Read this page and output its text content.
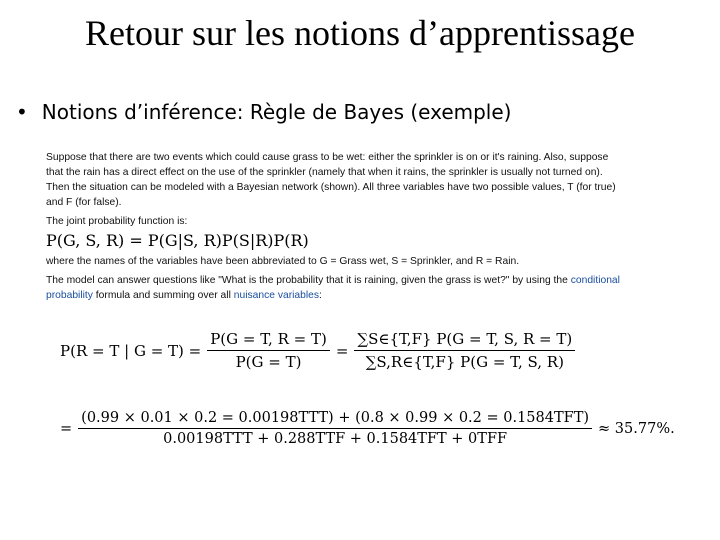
Retour sur les notions d’apprentissage
• Notions d’inférence: Règle de Bayes (exemple)

Suppose that there are two events which could cause grass to be wet: either the sprinkler is on or it's raining. Also, suppose that the rain has a direct effect on the use of the sprinkler (namely that when it rains, the sprinkler is usually not turned on). Then the situation can be modeled with a Bayesian network (shown). All three variables have two possible values, T (for true) and F (for false).

The joint probability function is:

P(G, S, R) = P(G|S, R)P(S|R)P(R)

where the names of the variables have been abbreviated to G = Grass wet, S = Sprinkler, and R = Rain.

The model can answer questions like "What is the probability that it is raining, given the grass is wet?" by using the conditional probability formula and summing over all nuisance variables:

P(R = T | $G = T) = \frac{P(G = T, R = T)}{P(G = T)} = \frac{\sum S\in\{T,F\} P(G = T, S, R = T)}{\sum S,R\in\{T,F\} P(G = T, S, R)}$
=
(0.99 × 0.01 × 0.2 = 0.00198TTT) + (0.8 × 0.99 × 0.2 = 0.1584TFT)
0.00198TTT + 0.288TTF + 0.1584TFT + 0TFF
≈ 35.77%.
